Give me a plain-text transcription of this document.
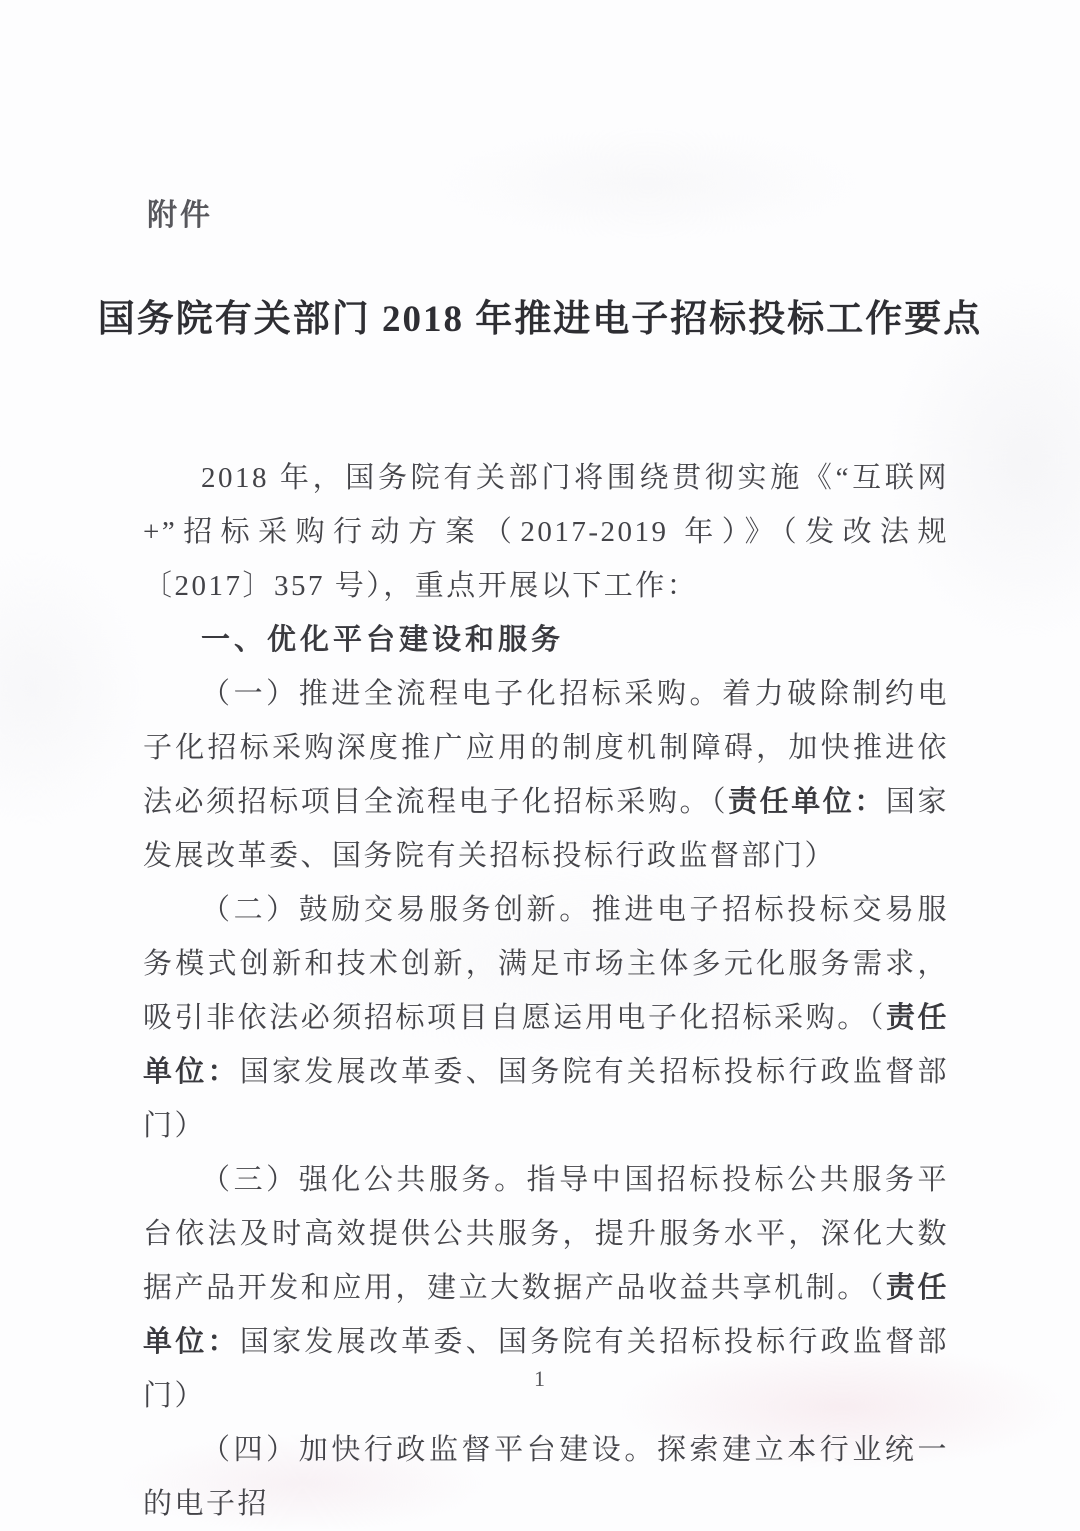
附件
国务院有关部门 2018 年推进电子招标投标工作要点

2018 年，国务院有关部门将围绕贯彻实施《“互联网+”招标采购行动方案（2017-2019 年）》（发改法规〔2017〕357 号），重点开展以下工作：

一、优化平台建设和服务

（一）推进全流程电子化招标采购。着力破除制约电子化招标采购深度推广应用的制度机制障碍，加快推进依法必须招标项目全流程电子化招标采购。（责任单位：国家发展改革委、国务院有关招标投标行政监督部门）

（二）鼓励交易服务创新。推进电子招标投标交易服务模式创新和技术创新，满足市场主体多元化服务需求，吸引非依法必须招标项目自愿运用电子化招标采购。（责任单位：国家发展改革委、国务院有关招标投标行政监督部门）

（三）强化公共服务。指导中国招标投标公共服务平台依法及时高效提供公共服务，提升服务水平，深化大数据产品开发和应用，建立大数据产品收益共享机制。（责任单位：国家发展改革委、国务院有关招标投标行政监督部门）

（四）加快行政监督平台建设。探索建立本行业统一的电子招

1
